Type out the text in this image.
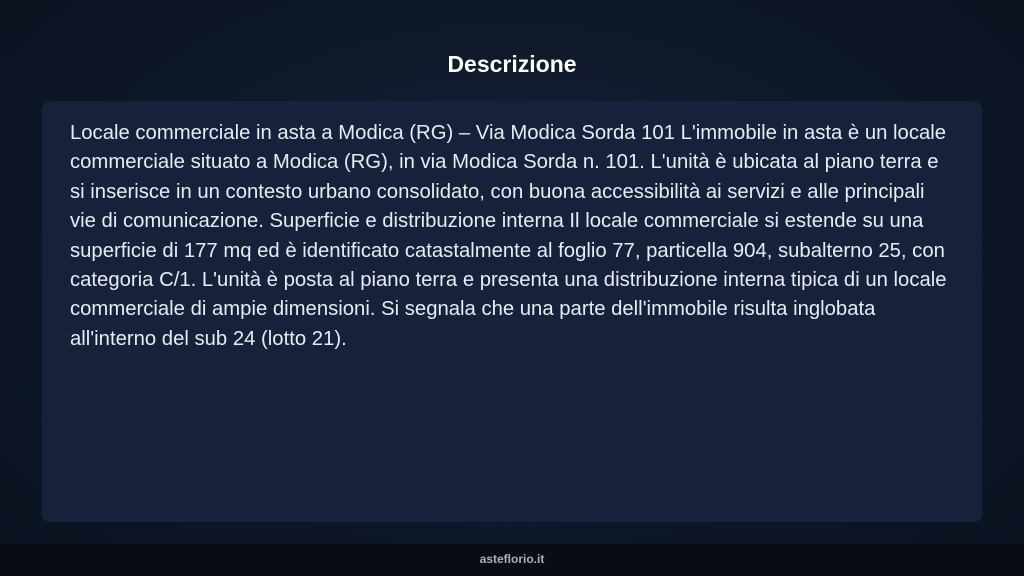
Descrizione

Locale commerciale in asta a Modica (RG) – Via Modica Sorda 101 L'immobile in asta è un locale commerciale situato a Modica (RG), in via Modica Sorda n. 101. L'unità è ubicata al piano terra e si inserisce in un contesto urbano consolidato, con buona accessibilità ai servizi e alle principali vie di comunicazione. Superficie e distribuzione interna Il locale commerciale si estende su una superficie di 177 mq ed è identificato catastalmente al foglio 77, particella 904, subalterno 25, con categoria C/1. L'unità è posta al piano terra e presenta una distribuzione interna tipica di un locale commerciale di ampie dimensioni. Si segnala che una parte dell'immobile risulta inglobata all'interno del sub 24 (lotto 21).

asteflorio.it
